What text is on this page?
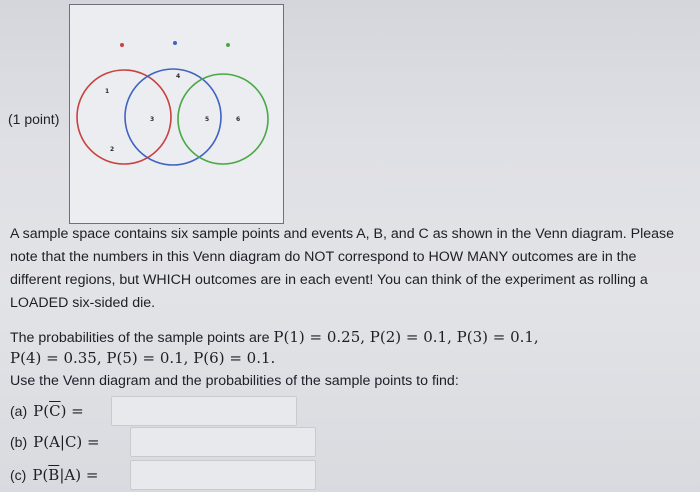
(1 point)
1
2
3
4
5	6
A sample space contains six sample points and events A, B, and C as shown in the Venn diagram. Please note that the numbers in this Venn diagram do NOT correspond to HOW MANY outcomes are in the different regions, but WHICH outcomes are in each event! You can think of the experiment as rolling a LOADED six-sided die.
The probabilities of the sample points are P(1) = 0.25, P(2) = 0.1, P(3) = 0.1,
P(4) = 0.35, P(5) = 0.1, P(6) = 0.1.
Use the Venn diagram and the probabilities of the sample points to find:
(a) $P(\overline{C})$ =
(b) P(A|C) =
(c) $P(\overline{B}|A)$ =
